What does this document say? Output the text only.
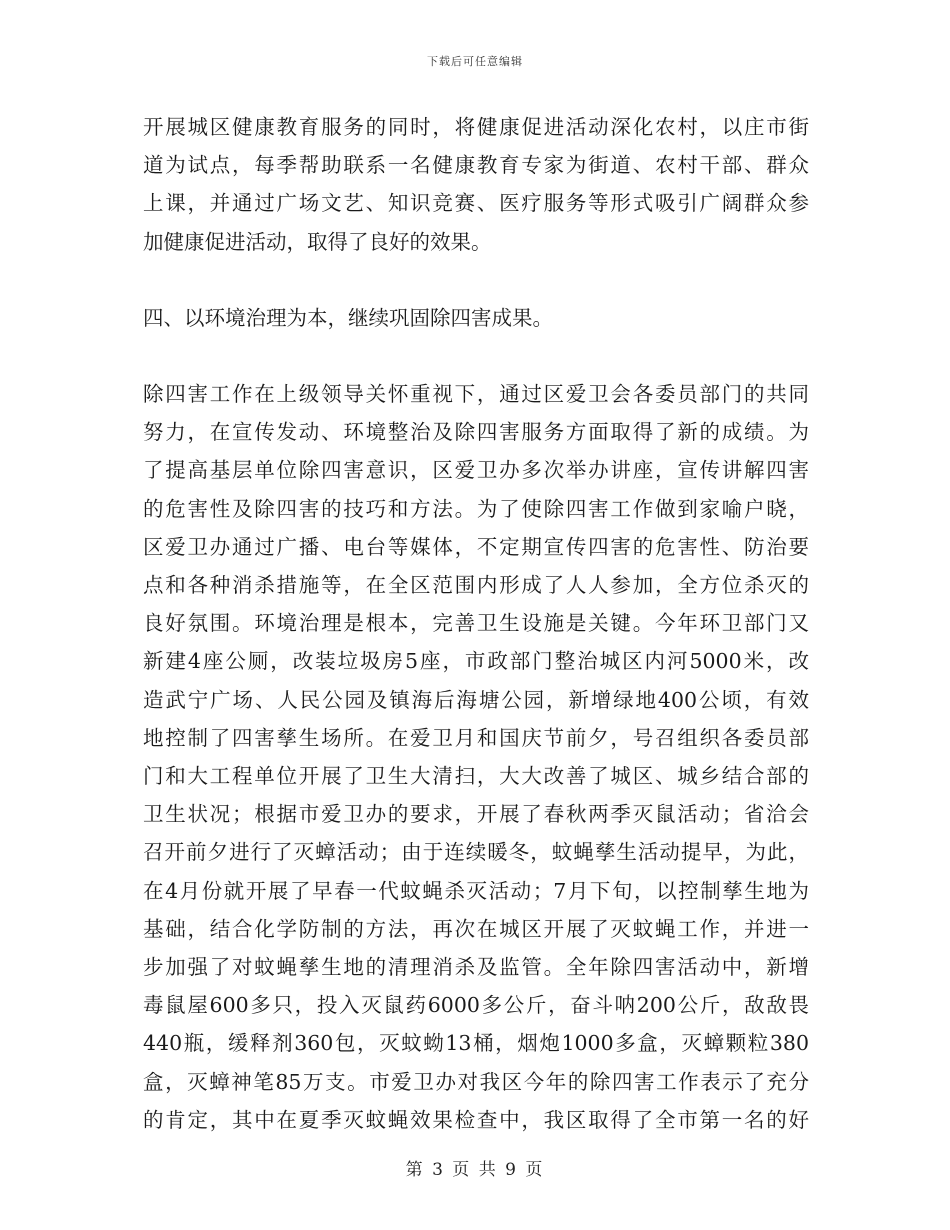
下载后可任意编辑

开展城区健康教育服务的同时，将健康促进活动深化农村，以庄市街
道为试点，每季帮助联系一名健康教育专家为街道、农村干部、群众
上课，并通过广场文艺、知识竞赛、医疗服务等形式吸引广阔群众参
加健康促进活动，取得了良好的效果。

四、以环境治理为本，继续巩固除四害成果。

除四害工作在上级领导关怀重视下，通过区爱卫会各委员部门的共同
努力，在宣传发动、环境整治及除四害服务方面取得了新的成绩。为
了提高基层单位除四害意识，区爱卫办多次举办讲座，宣传讲解四害
的危害性及除四害的技巧和方法。为了使除四害工作做到家喻户晓，
区爱卫办通过广播、电台等媒体，不定期宣传四害的危害性、防治要
点和各种消杀措施等，在全区范围内形成了人人参加，全方位杀灭的
良好氛围。环境治理是根本，完善卫生设施是关键。今年环卫部门又
新建4座公厕，改装垃圾房5座，市政部门整治城区内河5000米，改
造武宁广场、人民公园及镇海后海塘公园，新增绿地400公顷，有效
地控制了四害孳生场所。在爱卫月和国庆节前夕，号召组织各委员部
门和大工程单位开展了卫生大清扫，大大改善了城区、城乡结合部的
卫生状况；根据市爱卫办的要求，开展了春秋两季灭鼠活动；省洽会
召开前夕进行了灭蟑活动；由于连续暖冬，蚊蝇孳生活动提早，为此，
在4月份就开展了早春一代蚊蝇杀灭活动；7月下旬，以控制孳生地为
基础，结合化学防制的方法，再次在城区开展了灭蚊蝇工作，并进一
步加强了对蚊蝇孳生地的清理消杀及监管。全年除四害活动中，新增
毒鼠屋600多只，投入灭鼠药6000多公斤，奋斗呐200公斤，敌敌畏
440瓶，缓释剂360包，灭蚊蚴13桶，烟炮1000多盒，灭蟑颗粒380
盒，灭蟑神笔85万支。市爱卫办对我区今年的除四害工作表示了充分
的肯定，其中在夏季灭蚊蝇效果检查中，我区取得了全市第一名的好

第 3 页 共 9 页
